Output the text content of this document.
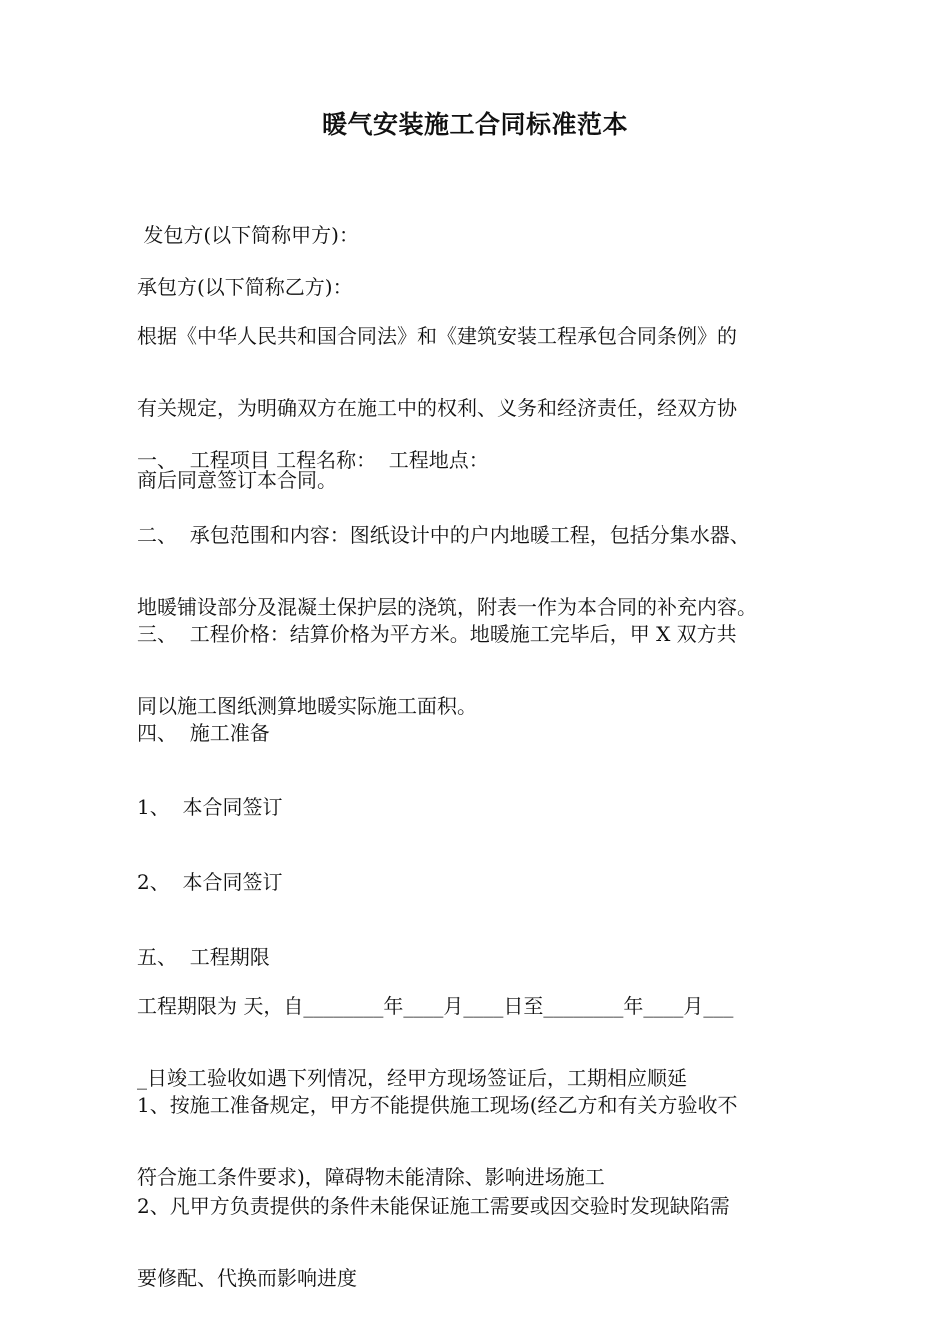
暖气安装施工合同标准范本

发包方(以下简称甲方)：

承包方(以下简称乙方)：

根据《中华人民共和国合同法》和《建筑安装工程承包合同条例》的

有关规定，为明确双方在施工中的权利、义务和经济责任，经双方协

商后同意签订本合同。

一、  工程项目 工程名称：  工程地点：

二、  承包范围和内容：图纸设计中的户内地暖工程，包括分集水器、

地暖铺设部分及混凝土保护层的浇筑，附表一作为本合同的补充内容。

三、  工程价格：结算价格为平方米。地暖施工完毕后，甲 X 双方共

同以施工图纸测算地暖实际施工面积。

四、  施工准备

1、  本合同签订

2、  本合同签订

五、  工程期限

工程期限为 天，自________年____月____日至________年____月___

_日竣工验收如遇下列情况，经甲方现场签证后，工期相应顺延

1、按施工准备规定，甲方不能提供施工现场(经乙方和有关方验收不

符合施工条件要求)，障碍物未能清除、影响进场施工

2、凡甲方负责提供的条件未能保证施工需要或因交验时发现缺陷需

要修配、代换而影响进度
